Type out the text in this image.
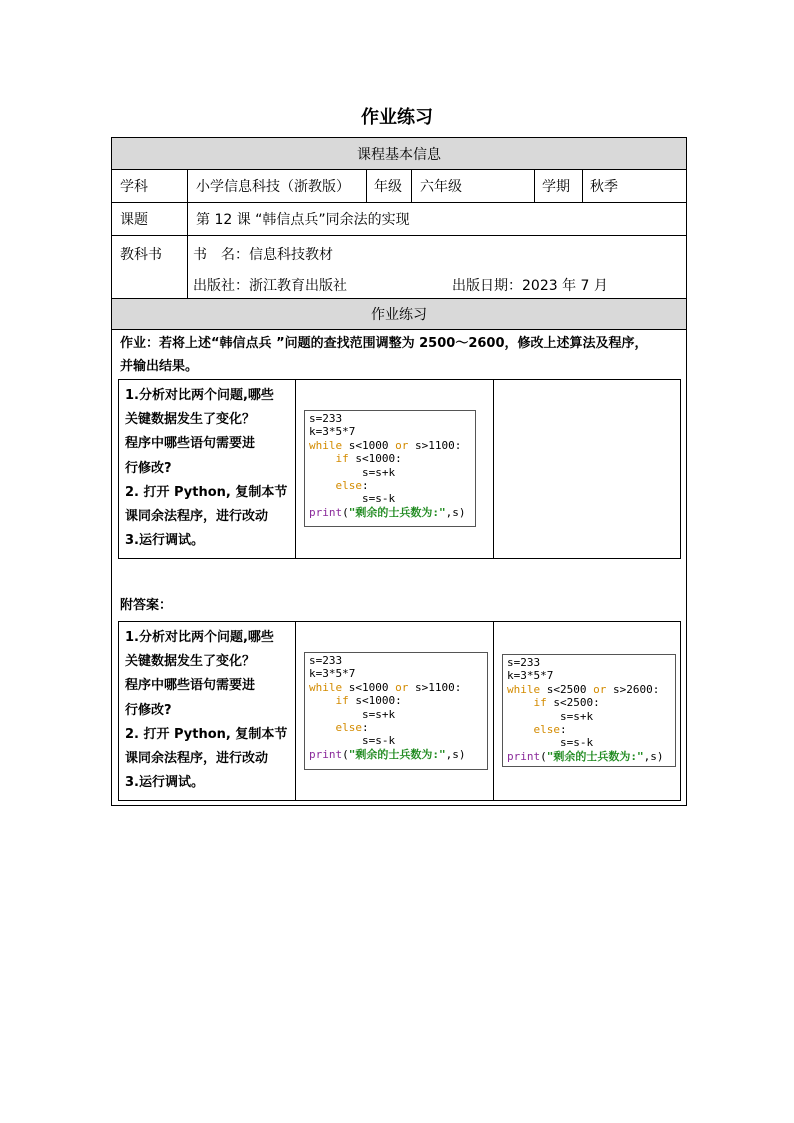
作业练习
课程基本信息
学科	小学信息科技（浙教版） 年级 六年级	学期 秋季
课题	第 12 课 “韩信点兵”同余法的实现
教科书 书　名：信息科技教材
出版社：浙江教育出版社	出版日期：2023 年 7 月
作业练习
作业：若将上述“韩信点兵 ”问题的查找范围调整为 2500～2600，修改上述算法及程序，
并输出结果。
1.分析对比两个问题,哪些
关键数据发生了变化？
程序中哪些语句需要进
行修改?
2. 打开 Python, 复制本节
课同余法程序，进行改动
3.运行调试。
s=233
k=3*5*7
while s<1000 or s>1100:
if s<1000:
s=s+k
else:
s=s-k
print("剩余的士兵数为:",s)
附答案：
1.分析对比两个问题,哪些
关键数据发生了变化？
程序中哪些语句需要进
行修改?
2. 打开 Python, 复制本节
课同余法程序，进行改动
3.运行调试。
s=233
k=3*5*7
while s<1000 or s>1100:
if s<1000:
s=s+k
else:
s=s-k
print("剩余的士兵数为:",s)
s=233
k=3*5*7
while s<2500 or s>2600:
if s<2500:
s=s+k
else:
s=s-k
print("剩余的士兵数为:",s)
